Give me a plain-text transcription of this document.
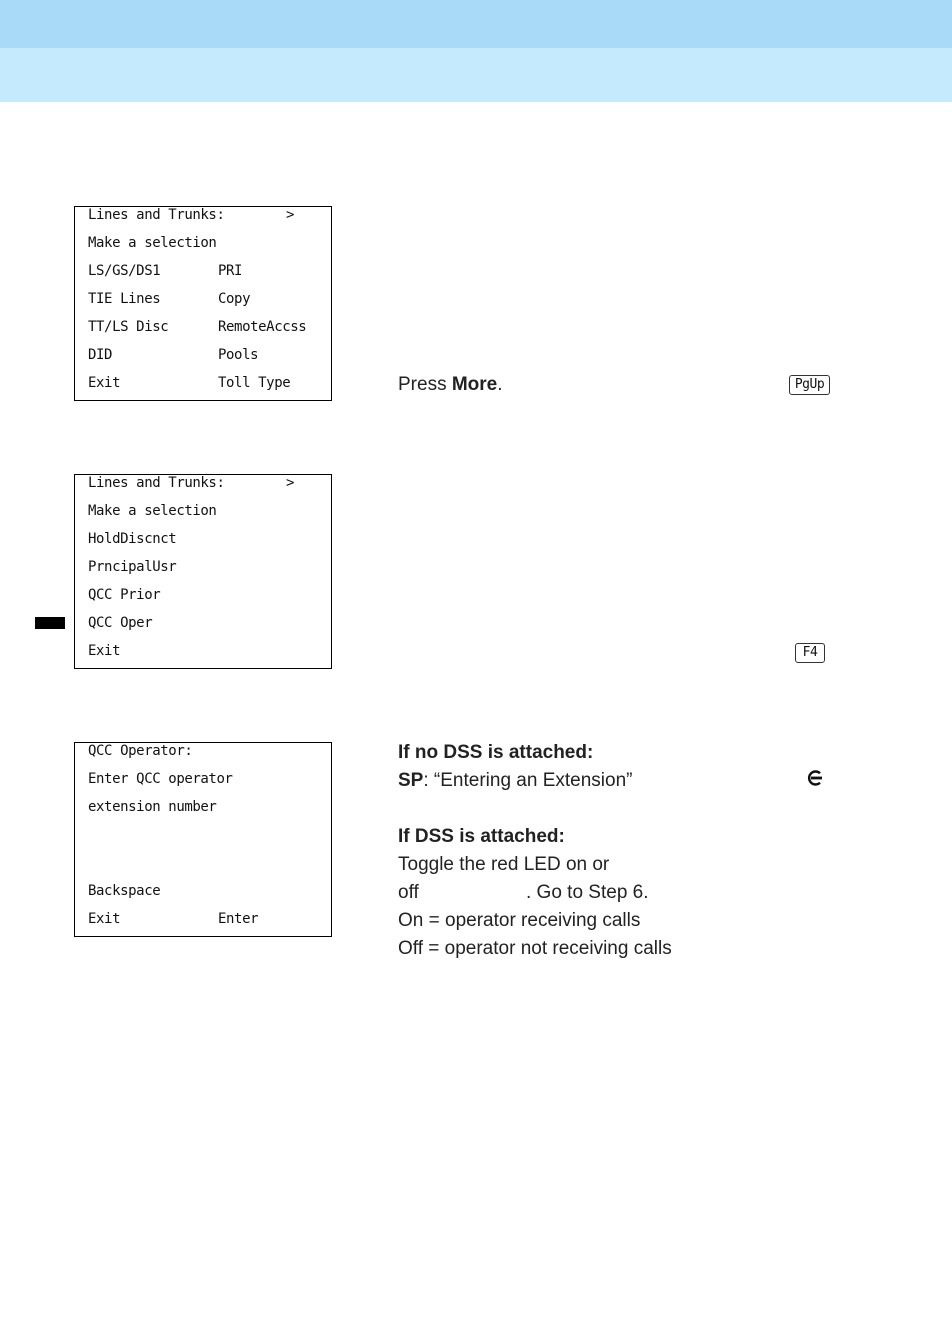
Lines and Trunks:	>
Make a selection
LS/GS/DS1	PRI
TIE Lines	Copy
TT/LS Disc	RemoteAccss
DID	Pools
Exit	Toll Type
Lines and Trunks:	>
Make a selection
HoldDiscnct
PrncipalUsr
QCC Prior
QCC Oper
Exit
QCC Operator:
Enter QCC operator
extension number
Backspace
Exit	Enter
Press More.	PgUp
F4
If no DSS is attached:
SP: “Entering an Extension”
If DSS is attached:
Toggle the red LED on or
off	. Go to Step 6.
On = operator receiving calls
Off = operator not receiving calls
